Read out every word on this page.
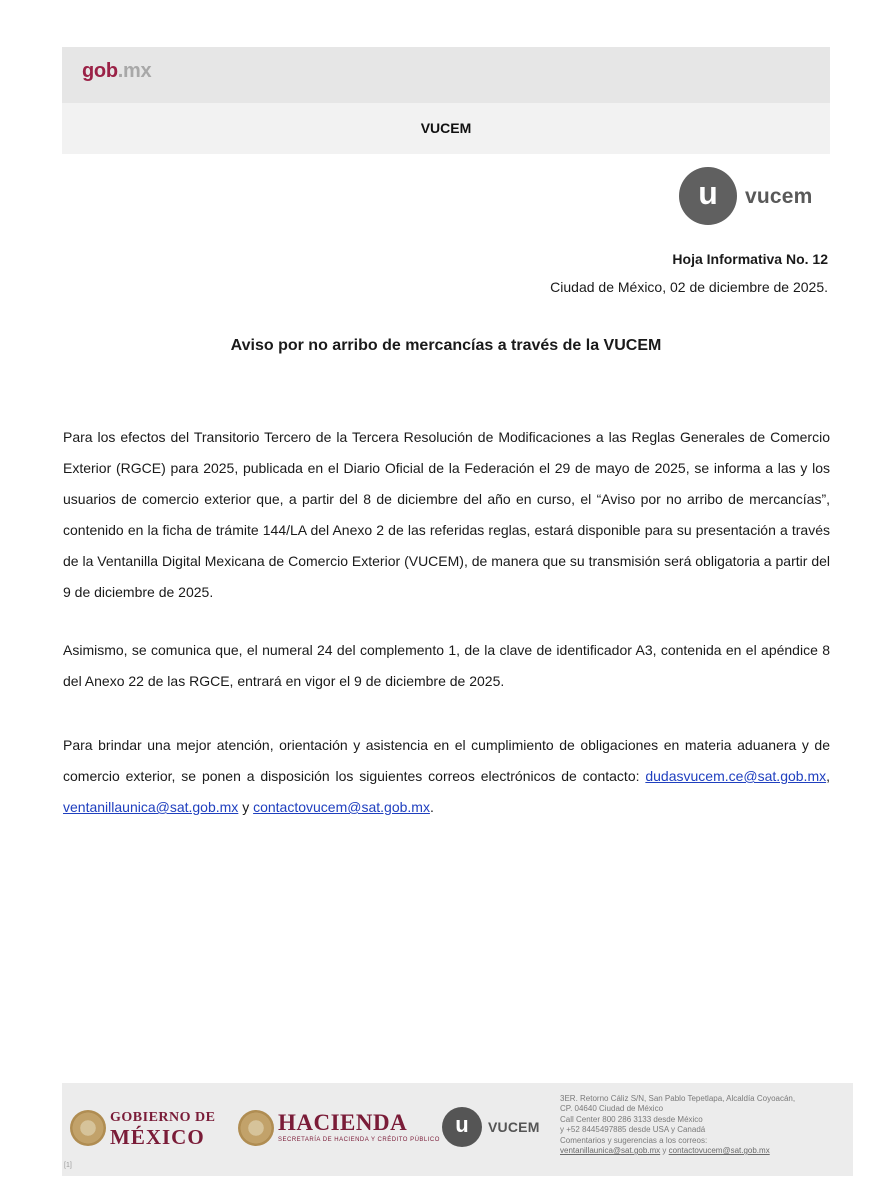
gob.mx
VUCEM
u	vucem
Hoja Informativa No. 12
Ciudad de México, 02 de diciembre de 2025.
Aviso por no arribo de mercancías a través de la VUCEM

Para los efectos del Transitorio Tercero de la Tercera Resolución de Modificaciones a las Reglas Generales de Comercio Exterior (RGCE) para 2025, publicada en el Diario Oficial de la Federación el 29 de mayo de 2025, se informa a las y los usuarios de comercio exterior que, a partir del 8 de diciembre del año en curso, el “Aviso por no arribo de mercancías”, contenido en la ficha de trámite 144/LA del Anexo 2 de las referidas reglas, estará disponible para su presentación a través de la Ventanilla Digital Mexicana de Comercio Exterior (VUCEM), de manera que su transmisión será obligatoria a partir del 9 de diciembre de 2025.

Asimismo, se comunica que, el numeral 24 del complemento 1, de la clave de identificador A3, contenida en el apéndice 8 del Anexo 22 de las RGCE, entrará en vigor el 9 de diciembre de 2025.

Para brindar una mejor atención, orientación y asistencia en el cumplimiento de obligaciones en materia aduanera y de comercio exterior, se ponen a disposición los siguientes correos electrónicos de contacto: dudasvucem.ce@sat.gob.mx, ventanillaunica@sat.gob.mx y contactovucem@sat.gob.mx.

GOBIERNO DE
MÉXICO
HACIENDA
SECRETARÍA DE HACIENDA Y CRÉDITO PÚBLICO
u	VUCEM
3ER. Retorno Cáliz S/N, San Pablo Tepetlapa, Alcaldía Coyoacán,
CP. 04640 Ciudad de México
Call Center 800 286 3133 desde México
y +52 8445497885 desde USA y Canadá
Comentarios y sugerencias a los correos:
ventanillaunica@sat.gob.mx y contactovucem@sat.gob.mx
[1]
